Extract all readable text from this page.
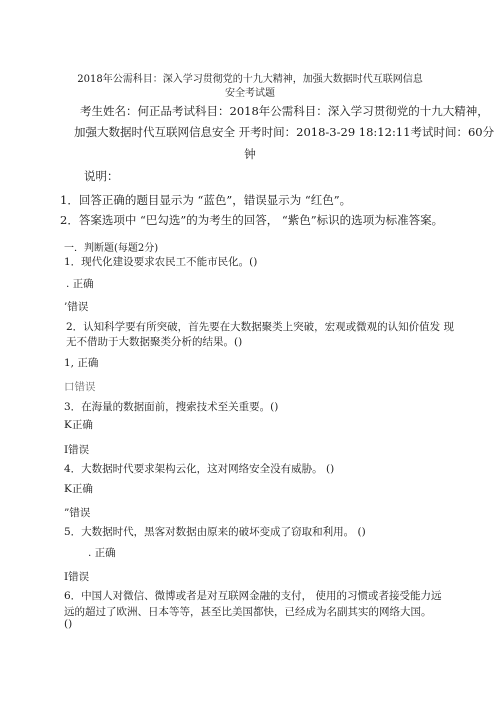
2018年公需科目：深入学习贯彻党的十九大精神，加强大数据时代互联网信息
安全考试题
考生姓名：何正品考试科目：2018年公需科目：深入学习贯彻党的十九大精神，
加强大数据时代互联网信息安全 开考时间：2018-3-29 18:12:11考试时间：60分
钟
说明：
1．回答正确的题目显示为 “蓝色”，错误显示为 “红色”。
2．答案选项中 “巴勾选”的为考生的回答， “紫色”标识的选项为标准答案。
一．判断题(每题2分)
1．现代化建设要求农民工不能市民化。()
. 正确
’错误
2．认知科学要有所突破，首先要在大数据聚类上突破，宏观或微观的认知价值发 现
无不借助于大数据聚类分析的结果。()
1, 正确
口错误
3．在海量的数据面前，搜索技术至关重要。()
K正确
I错误
4．大数据时代要求架构云化，这对网络安全没有威胁。 ()
K正确
”错误
5．大数据时代，黑客对数据由原来的破坏变成了窃取和利用。 ()
. 正确
I错误
6．中国人对微信、微博或者是对互联网金融的支付， 使用的习惯或者接受能力远
远的超过了欧洲、日本等等，甚至比美国都快，已经成为名副其实的网络大国。
()
